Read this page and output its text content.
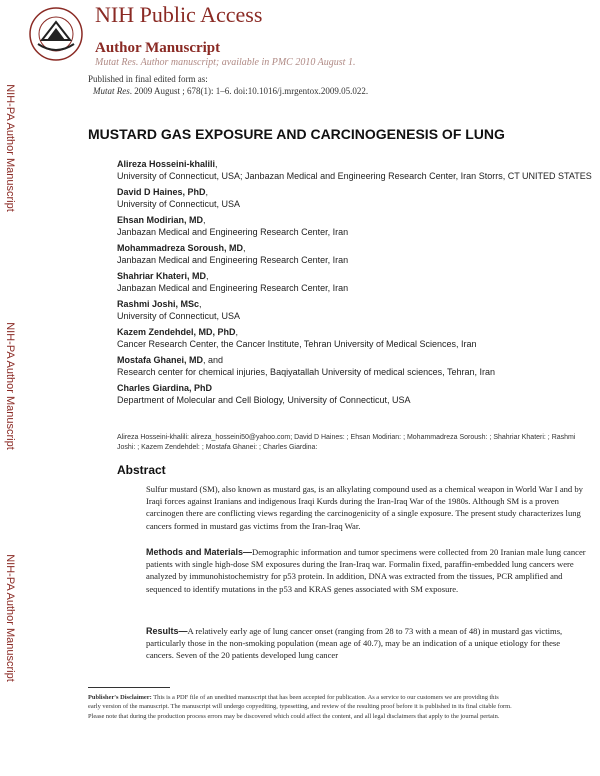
NIH Public Access
Author Manuscript
Mutat Res. Author manuscript; available in PMC 2010 August 1.
NIH-PA Author Manuscript
NIH-PA Author Manuscript
NIH-PA Author Manuscript
Published in final edited form as:
Mutat Res. 2009 August ; 678(1): 1–6. doi:10.1016/j.mrgentox.2009.05.022.
MUSTARD GAS EXPOSURE AND CARCINOGENESIS OF LUNG
Alireza Hosseini-khalili,
University of Connecticut, USA; Janbazan Medical and Engineering Research Center, Iran Storrs, CT UNITED STATES
David D Haines, PhD,
University of Connecticut, USA
Ehsan Modirian, MD,
Janbazan Medical and Engineering Research Center, Iran
Mohammadreza Soroush, MD,
Janbazan Medical and Engineering Research Center, Iran
Shahriar Khateri, MD,
Janbazan Medical and Engineering Research Center, Iran
Rashmi Joshi, MSc,
University of Connecticut, USA
Kazem Zendehdel, MD, PhD,
Cancer Research Center, the Cancer Institute, Tehran University of Medical Sciences, Iran
Mostafa Ghanei, MD, and
Research center for chemical injuries, Baqiyatallah University of medical sciences, Tehran, Iran
Charles Giardina, PhD
Department of Molecular and Cell Biology, University of Connecticut, USA
Alireza Hosseini-khalili: alireza_hosseini50@yahoo.com; David D Haines: ; Ehsan Modirian: ; Mohammadreza Soroush: ; Shahriar Khateri: ; Rashmi Joshi: ; Kazem Zendehdel: ; Mostafa Ghanei: ; Charles Giardina:
Abstract
Sulfur mustard (SM), also known as mustard gas, is an alkylating compound used as a chemical weapon in World War I and by Iraqi forces against Iranians and indigenous Iraqi Kurds during the Iran-Iraq War of the 1980s. Although SM is a proven carcinogen there are conflicting views regarding the carcinogenicity of a single exposure. The present study characterizes lung cancers formed in mustard gas victims from the Iran-Iraq War.
Methods and Materials—Demographic information and tumor specimens were collected from 20 Iranian male lung cancer patients with single high-dose SM exposures during the Iran-Iraq war. Formalin fixed, paraffin-embedded lung cancers were analyzed by immunohistochemistry for p53 protein. In addition, DNA was extracted from the tissues, PCR amplified and sequenced to identify mutations in the p53 and KRAS genes associated with SM exposure.
Results—A relatively early age of lung cancer onset (ranging from 28 to 73 with a mean of 48) in mustard gas victims, particularly those in the non-smoking population (mean age of 40.7), may be an indication of a unique etiology for these cancers. Seven of the 20 patients developed lung cancer
Publisher's Disclaimer: This is a PDF file of an unedited manuscript that has been accepted for publication. As a service to our customers we are providing this early version of the manuscript. The manuscript will undergo copyediting, typesetting, and review of the resulting proof before it is published in its final citable form. Please note that during the production process errors may be discovered which could affect the content, and all legal disclaimers that apply to the journal pertain.
